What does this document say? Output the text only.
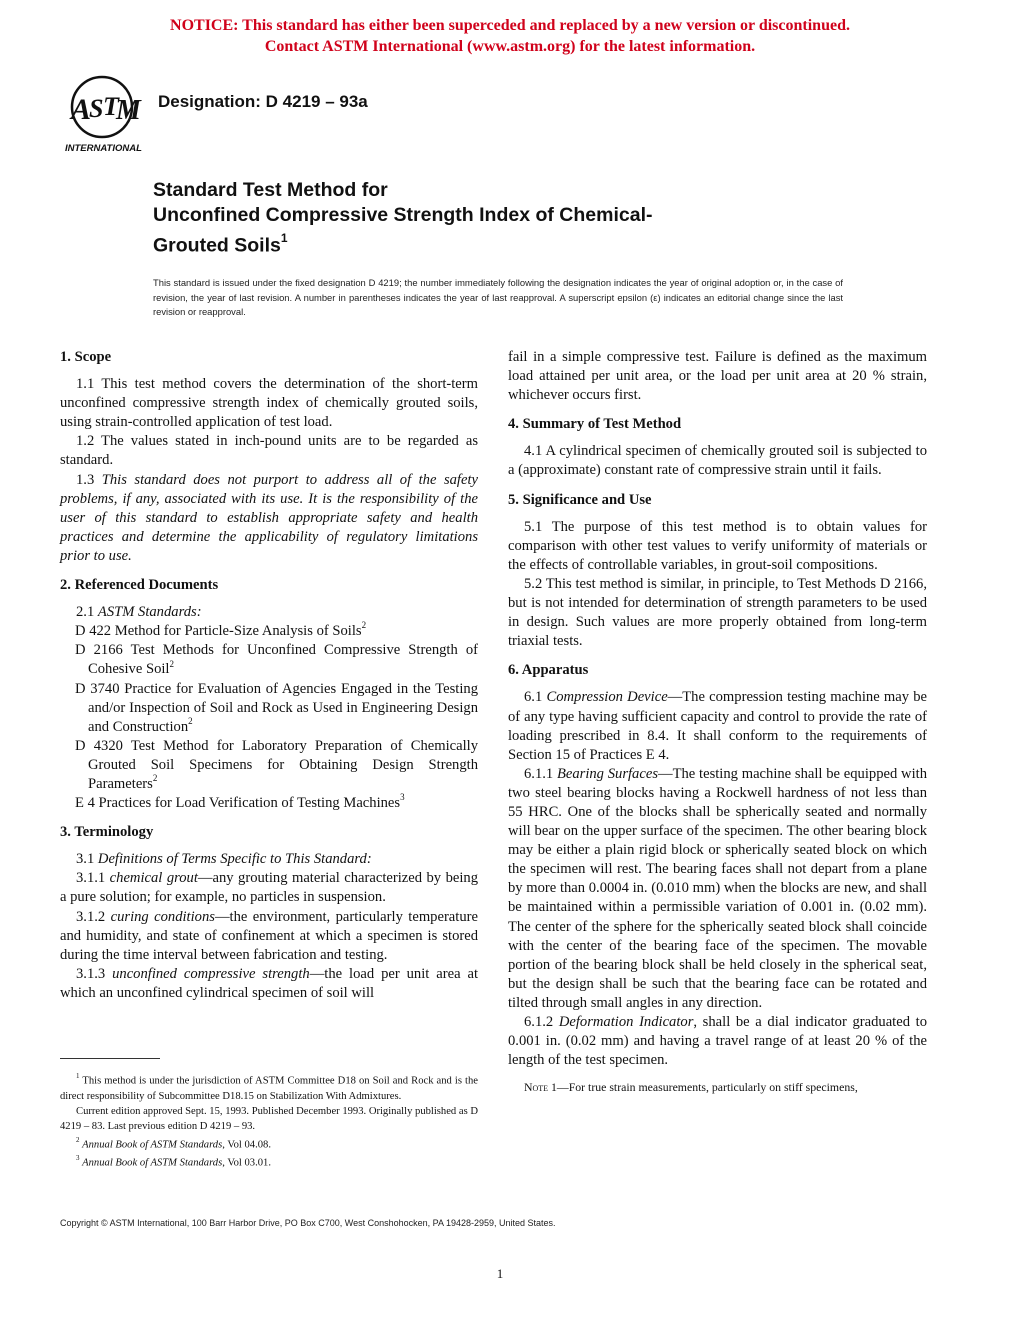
NOTICE: This standard has either been superceded and replaced by a new version or discontinued.
Contact ASTM International (www.astm.org) for the latest information.
A
S T
M
INTERNATIONAL
Designation: D 4219 – 93a
Standard Test Method for
Unconfined Compressive Strength Index of Chemical-
Grouted Soils$^1$
This standard is issued under the fixed designation D 4219; the number immediately following the designation indicates the year of original adoption or, in the case of revision, the year of last revision. A number in parentheses indicates the year of last reapproval. A superscript epsilon (ε) indicates an editorial change since the last revision or reapproval.
1. Scope

1.1 This test method covers the determination of the short-term unconfined compressive strength index of chemically grouted soils, using strain-controlled application of test load.

1.2 The values stated in inch-pound units are to be regarded as standard.

1.3 This standard does not purport to address all of the safety problems, if any, associated with its use. It is the responsibility of the user of this standard to establish appropriate safety and health practices and determine the applicability of regulatory limitations prior to use.

2. Referenced Documents

2.1 ASTM Standards:

D 422 Method for Particle-Size Analysis of Soils$^2$

D 2166 Test Methods for Unconfined Compressive Strength of Cohesive Soil$^2$

D 3740 Practice for Evaluation of Agencies Engaged in the Testing and/or Inspection of Soil and Rock as Used in Engineering Design and Construction$^2$

D 4320 Test Method for Laboratory Preparation of Chemically Grouted Soil Specimens for Obtaining Design Strength Parameters$^2$

E 4 Practices for Load Verification of Testing Machines$^3$

3. Terminology

3.1 Definitions of Terms Specific to This Standard:

3.1.1 chemical grout—any grouting material characterized by being a pure solution; for example, no particles in suspension.

3.1.2 curing conditions—the environment, particularly temperature and humidity, and state of confinement at which a specimen is stored during the time interval between fabrication and testing.

3.1.3 unconfined compressive strength—the load per unit area at which an unconfined cylindrical specimen of soil will

$^1$ This method is under the jurisdiction of ASTM Committee D18 on Soil and Rock and is the direct responsibility of Subcommittee D18.15 on Stabilization With Admixtures.

Current edition approved Sept. 15, 1993. Published December 1993. Originally published as D 4219 – 83. Last previous edition D 4219 – 93.

$^2$ Annual Book of ASTM Standards, Vol 04.08.

$^3$ Annual Book of ASTM Standards, Vol 03.01.

fail in a simple compressive test. Failure is defined as the maximum load attained per unit area, or the load per unit area at 20 % strain, whichever occurs first.

4. Summary of Test Method

4.1 A cylindrical specimen of chemically grouted soil is subjected to a (approximate) constant rate of compressive strain until it fails.

5. Significance and Use

5.1 The purpose of this test method is to obtain values for comparison with other test values to verify uniformity of materials or the effects of controllable variables, in grout-soil compositions.

5.2 This test method is similar, in principle, to Test Methods D 2166, but is not intended for determination of strength parameters to be used in design. Such values are more properly obtained from long-term triaxial tests.

6. Apparatus

6.1 Compression Device—The compression testing machine may be of any type having sufficient capacity and control to provide the rate of loading prescribed in 8.4. It shall conform to the requirements of Section 15 of Practices E 4.

6.1.1 Bearing Surfaces—The testing machine shall be equipped with two steel bearing blocks having a Rockwell hardness of not less than 55 HRC. One of the blocks shall be spherically seated and normally will bear on the upper surface of the specimen. The other bearing block may be either a plain rigid block or spherically seated block on which the specimen will rest. The bearing faces shall not depart from a plane by more than 0.0004 in. (0.010 mm) when the blocks are new, and shall be maintained within a permissible variation of 0.001 in. (0.02 mm). The center of the sphere for the spherically seated block shall coincide with the center of the bearing face of the specimen. The movable portion of the bearing block shall be held closely in the spherical seat, but the design shall be such that the bearing face can be rotated and tilted through small angles in any direction.

6.1.2 Deformation Indicator, shall be a dial indicator graduated to 0.001 in. (0.02 mm) and having a travel range of at least 20 % of the length of the test specimen.

Note 1—For true strain measurements, particularly on stiff specimens,

Copyright © ASTM International, 100 Barr Harbor Drive, PO Box C700, West Conshohocken, PA 19428-2959, United States.
1
